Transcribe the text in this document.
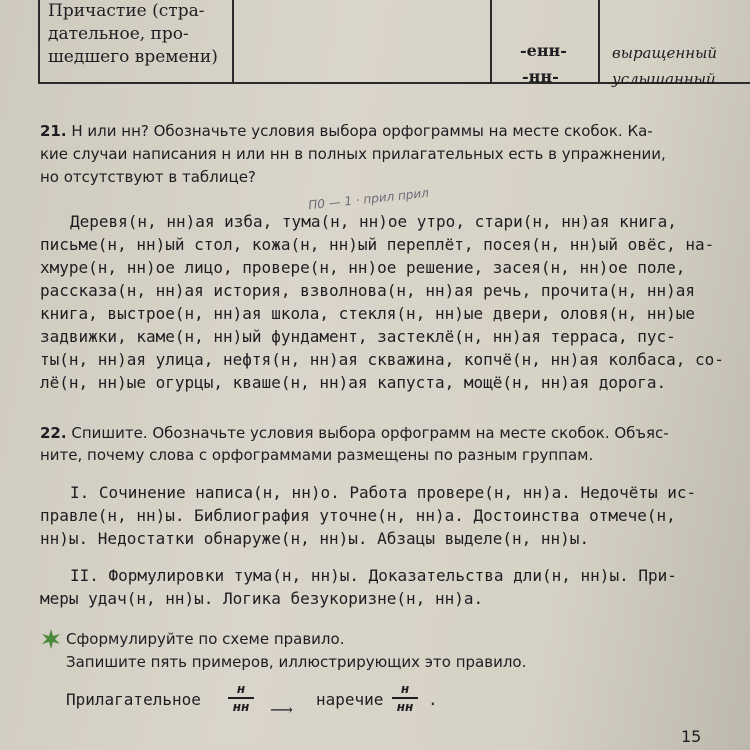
Причастие (стра-
дательное, про-
шедшего времени)	-енн-
-нн-
выращенный
услышанный
21. Н или нн? Обозначьте условия выбора орфограммы на месте скобок. Ка-
кие случаи написания н или нн в полных прилагательных есть в упражнении,
но отсутствуют в таблице?
П0 — 1 · прил прил
Деревя(н, нн)ая изба, тума(н, нн)ое утро, стари(н, нн)ая книга,
письме(н, нн)ый стол, кожа(н, нн)ый переплёт, посея(н, нн)ый овёс, на-
хмуре(н, нн)ое лицо, провере(н, нн)ое решение, засея(н, нн)ое поле,
рассказа(н, нн)ая история, взволнова(н, нн)ая речь, прочита(н, нн)ая
книга, выстрое(н, нн)ая школа, стекля(н, нн)ые двери, оловя(н, нн)ые
задвижки, каме(н, нн)ый фундамент, застеклё(н, нн)ая терраса, пус-
ты(н, нн)ая улица, нефтя(н, нн)ая скважина, копчё(н, нн)ая колбаса, со-
лё(н, нн)ые огурцы, кваше(н, нн)ая капуста, мощё(н, нн)ая дорога.
22. Спишите. Обозначьте условия выбора орфограмм на месте скобок. Объяс-
ните, почему слова с орфограммами размещены по разным группам.
I. Сочинение написа(н, нн)о. Работа провере(н, нн)а. Недочёты ис-
правле(н, нн)ы. Библиография уточне(н, нн)а. Достоинства отмече(н,
нн)ы. Недостатки обнаруже(н, нн)ы. Абзацы выделе(н, нн)ы.
II. Формулировки тума(н, нн)ы. Доказательства дли(н, нн)ы. При-
меры удач(н, нн)ы. Логика безукоризне(н, нн)а.
Сформулируйте по схеме правило.
Запишите пять примеров, иллюстрирующих это правило.
Прилагательное
н
нн	⟶
наречие
н
нн .
15
